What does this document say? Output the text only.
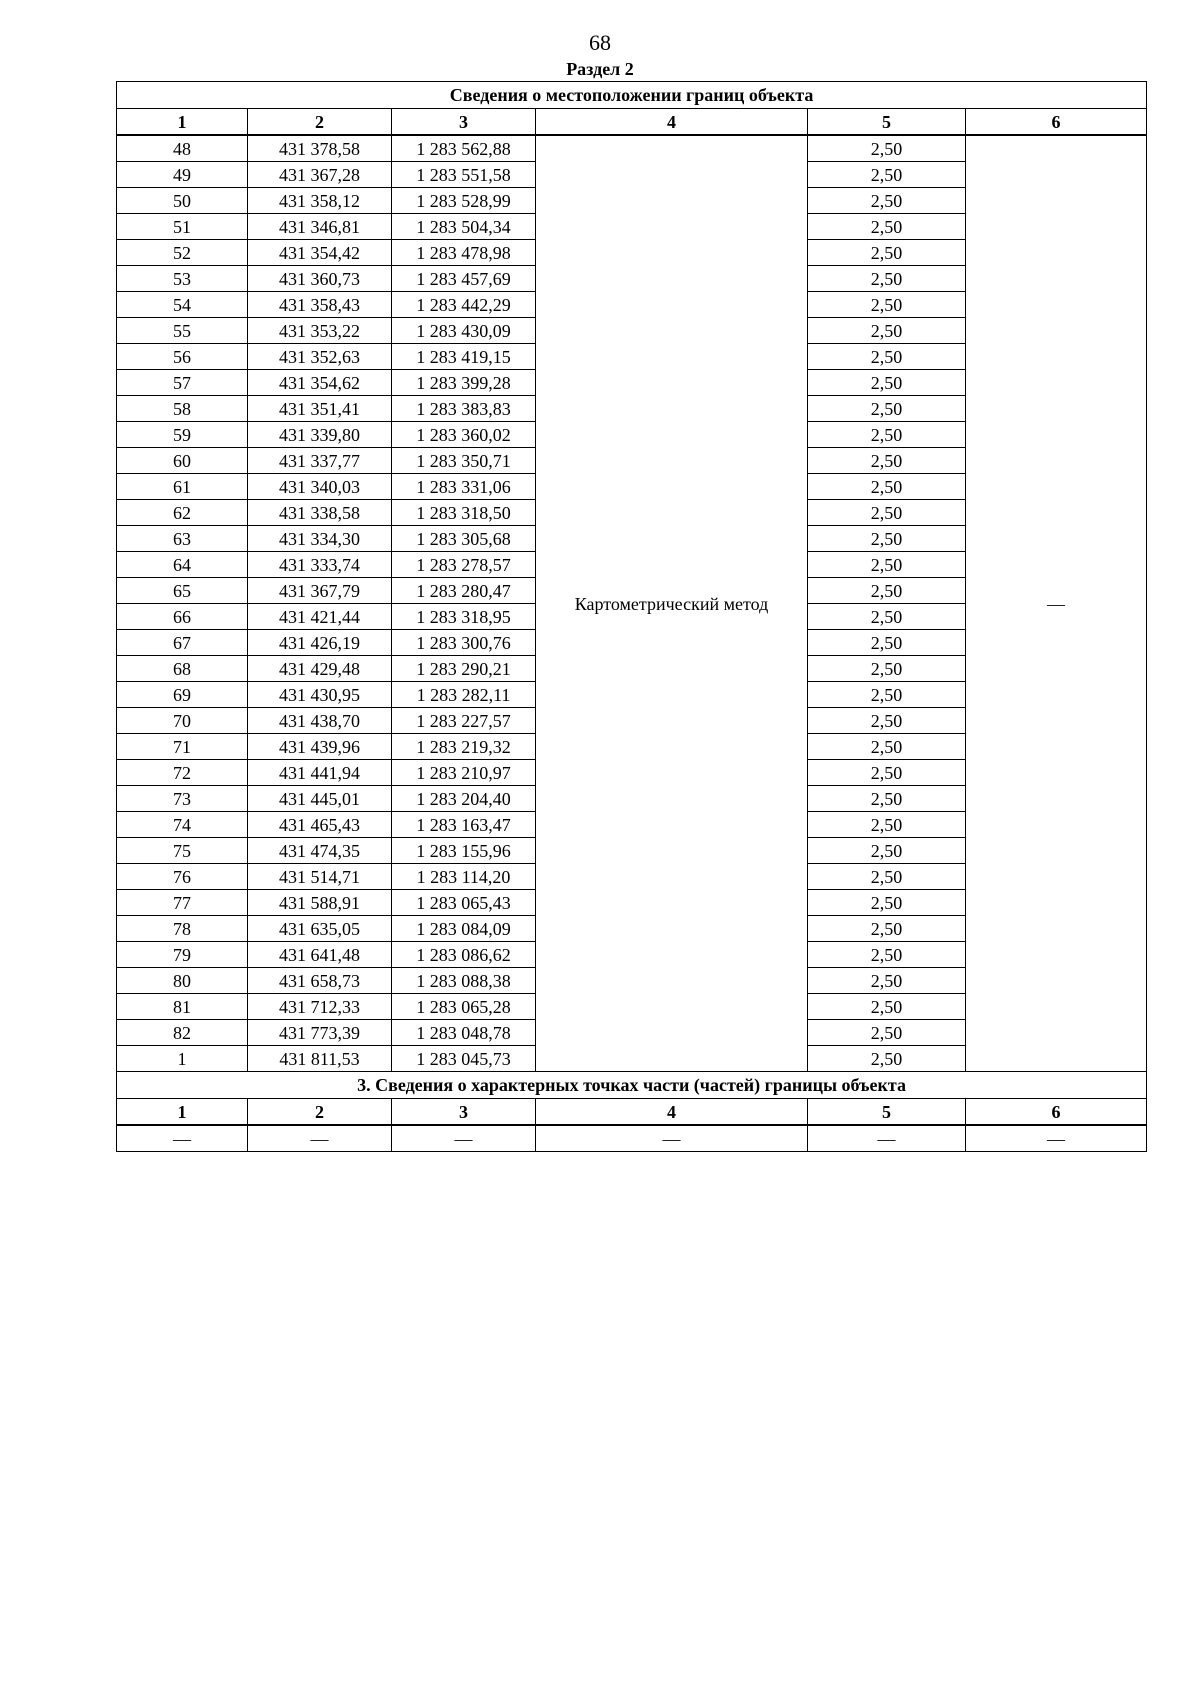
68
Раздел 2
Сведения о местоположении границ объекта					
1	2	3	4	5	6
48	431 378,58	1 283 562,88	Картометрический метод	2,50	—
49	431 367,28	1 283 551,58		2,50	
50	431 358,12	1 283 528,99		2,50	
51	431 346,81	1 283 504,34		2,50	
52	431 354,42	1 283 478,98		2,50	
53	431 360,73	1 283 457,69		2,50	
54	431 358,43	1 283 442,29		2,50	
55	431 353,22	1 283 430,09		2,50	
56	431 352,63	1 283 419,15		2,50	
57	431 354,62	1 283 399,28		2,50	
58	431 351,41	1 283 383,83		2,50	
59	431 339,80	1 283 360,02		2,50	
60	431 337,77	1 283 350,71		2,50	
61	431 340,03	1 283 331,06		2,50	
62	431 338,58	1 283 318,50		2,50	
63	431 334,30	1 283 305,68		2,50	
64	431 333,74	1 283 278,57		2,50	
65	431 367,79	1 283 280,47		2,50	
66	431 421,44	1 283 318,95		2,50	
67	431 426,19	1 283 300,76		2,50	
68	431 429,48	1 283 290,21		2,50	
69	431 430,95	1 283 282,11		2,50	
70	431 438,70	1 283 227,57		2,50	
71	431 439,96	1 283 219,32		2,50	
72	431 441,94	1 283 210,97		2,50	
73	431 445,01	1 283 204,40		2,50	
74	431 465,43	1 283 163,47		2,50	
75	431 474,35	1 283 155,96		2,50	
76	431 514,71	1 283 114,20		2,50	
77	431 588,91	1 283 065,43		2,50	
78	431 635,05	1 283 084,09		2,50	
79	431 641,48	1 283 086,62		2,50	
80	431 658,73	1 283 088,38		2,50	
81	431 712,33	1 283 065,28		2,50	
82	431 773,39	1 283 048,78		2,50	
1	431 811,53	1 283 045,73		2,50	
3. Сведения о характерных точках части (частей) границы объекта					
1	2	3	4	5	6
—	—	—	—	—	—
